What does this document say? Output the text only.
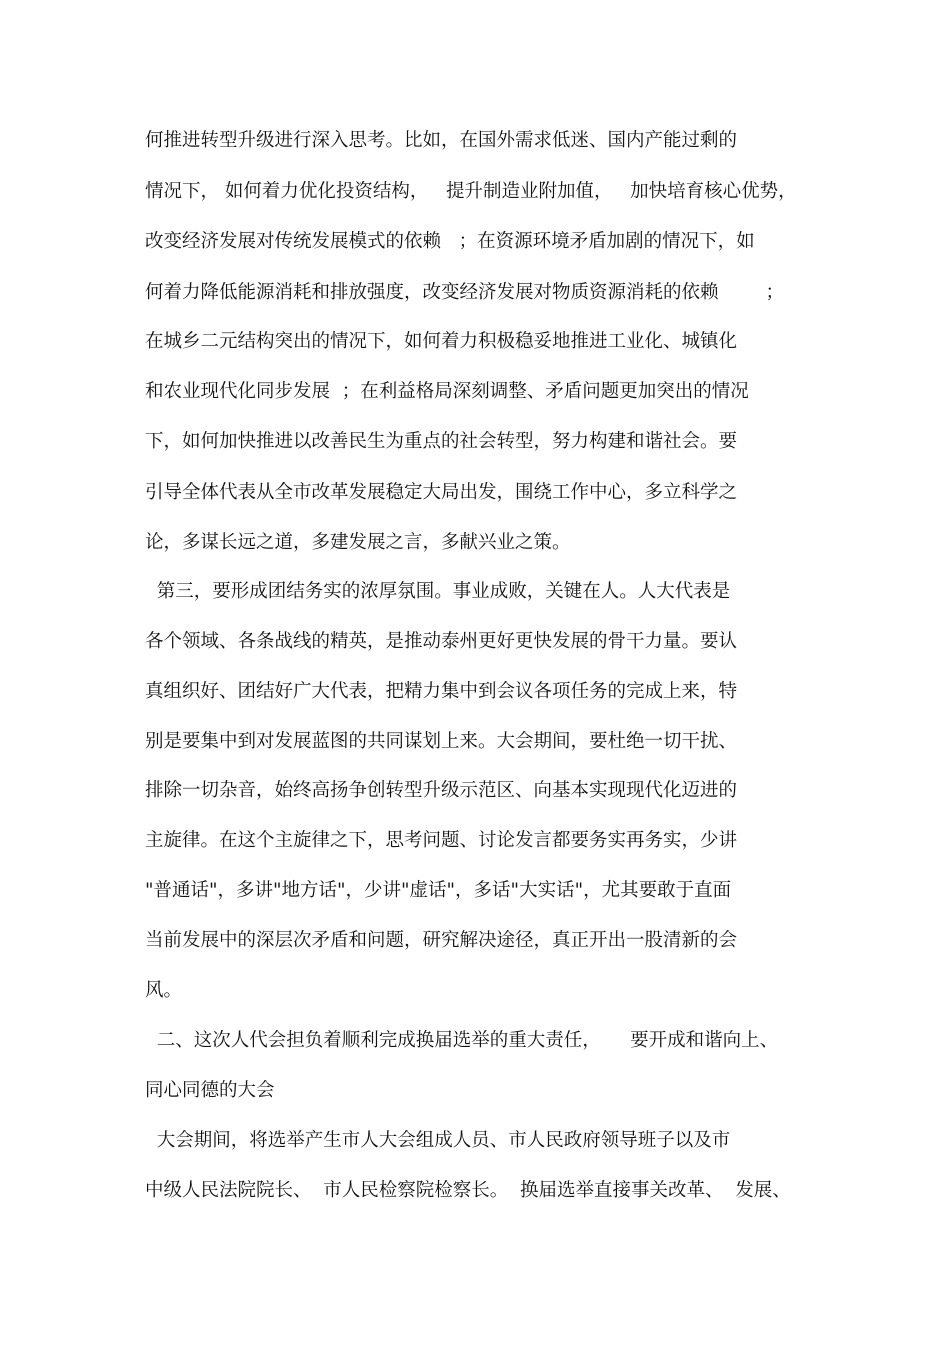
何推进转型升级进行深入思考。比如，在国外需求低迷、国内产能过剩的
情况下， 如何着力优化投资结构，   提升制造业附加值，   加快培育核心优势，
改变经济发展对传统发展模式的依赖   ；在资源环境矛盾加剧的情况下，如
何着力降低能源消耗和排放强度，改变经济发展对物质资源消耗的依赖        ；
在城乡二元结构突出的情况下，如何着力积极稳妥地推进工业化、城镇化
和农业现代化同步发展  ；在利益格局深刻调整、矛盾问题更加突出的情况
下，如何加快推进以改善民生为重点的社会转型，努力构建和谐社会。要
引导全体代表从全市改革发展稳定大局出发，围绕工作中心，多立科学之
论，多谋长远之道，多建发展之言，多献兴业之策。
第三，要形成团结务实的浓厚氛围。事业成败，关键在人。人大代表是
各个领域、各条战线的精英，是推动泰州更好更快发展的骨干力量。要认
真组织好、团结好广大代表，把精力集中到会议各项任务的完成上来，特
别是要集中到对发展蓝图的共同谋划上来。大会期间，要杜绝一切干扰、
排除一切杂音，始终高扬争创转型升级示范区、向基本实现现代化迈进的
主旋律。在这个主旋律之下，思考问题、讨论发言都要务实再务实，少讲
"普通话"，多讲"地方话"，少讲"虚话"，多话"大实话"，尤其要敢于直面
当前发展中的深层次矛盾和问题，研究解决途径，真正开出一股清新的会
风。
二、这次人代会担负着顺利完成换届选举的重大责任，     要开成和谐向上、
同心同德的大会
大会期间，将选举产生市人大会组成人员、市人民政府领导班子以及市
中级人民法院院长、  市人民检察院检察长。  换届选举直接事关改革、  发展、
